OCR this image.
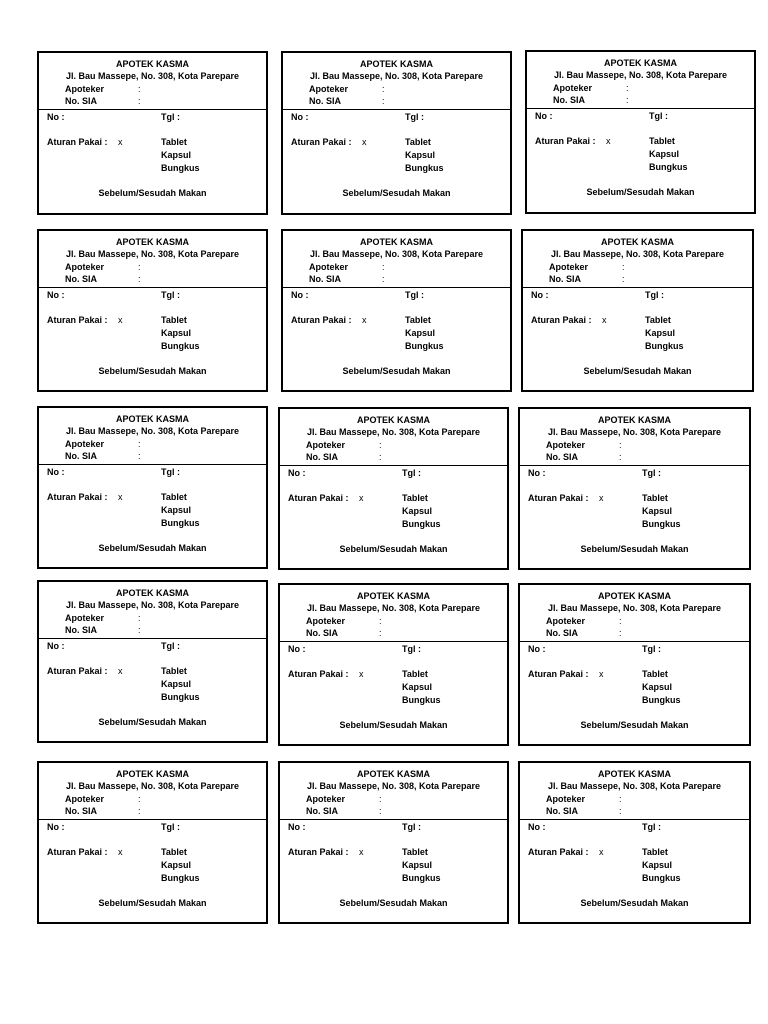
APOTEK KASMA
Jl. Bau Massepe, No. 308, Kota Parepare
Apoteker	:
No. SIA	:
No :	Tgl :
Aturan Pakai : x	Tablet
Kapsul
Bungkus
Sebelum/Sesudah Makan
APOTEK KASMA
Jl. Bau Massepe, No. 308, Kota Parepare
Apoteker	:
No. SIA	:
No :	Tgl :
Aturan Pakai : x	Tablet
Kapsul
Bungkus
Sebelum/Sesudah Makan
APOTEK KASMA
Jl. Bau Massepe, No. 308, Kota Parepare
Apoteker	:
No. SIA	:
No :	Tgl :
Aturan Pakai : x	Tablet
Kapsul
Bungkus
Sebelum/Sesudah Makan
APOTEK KASMA
Jl. Bau Massepe, No. 308, Kota Parepare
Apoteker	:
No. SIA	:
No :	Tgl :
Aturan Pakai : x	Tablet
Kapsul
Bungkus
Sebelum/Sesudah Makan
APOTEK KASMA
Jl. Bau Massepe, No. 308, Kota Parepare
Apoteker	:
No. SIA	:
No :	Tgl :
Aturan Pakai : x	Tablet
Kapsul
Bungkus
Sebelum/Sesudah Makan
APOTEK KASMA
Jl. Bau Massepe, No. 308, Kota Parepare
Apoteker	:
No. SIA	:
No :	Tgl :
Aturan Pakai : x	Tablet
Kapsul
Bungkus
Sebelum/Sesudah Makan
APOTEK KASMA
Jl. Bau Massepe, No. 308, Kota Parepare
Apoteker	:
No. SIA	:
No :	Tgl :
Aturan Pakai : x	Tablet
Kapsul
Bungkus
Sebelum/Sesudah Makan
APOTEK KASMA
Jl. Bau Massepe, No. 308, Kota Parepare
Apoteker	:
No. SIA	:
No :	Tgl :
Aturan Pakai : x	Tablet
Kapsul
Bungkus
Sebelum/Sesudah Makan
APOTEK KASMA
Jl. Bau Massepe, No. 308, Kota Parepare
Apoteker	:
No. SIA	:
No :	Tgl :
Aturan Pakai : x	Tablet
Kapsul
Bungkus
Sebelum/Sesudah Makan
APOTEK KASMA
Jl. Bau Massepe, No. 308, Kota Parepare
Apoteker	:
No. SIA	:
No :	Tgl :
Aturan Pakai : x	Tablet
Kapsul
Bungkus
Sebelum/Sesudah Makan
APOTEK KASMA
Jl. Bau Massepe, No. 308, Kota Parepare
Apoteker	:
No. SIA	:
No :	Tgl :
Aturan Pakai : x	Tablet
Kapsul
Bungkus
Sebelum/Sesudah Makan
APOTEK KASMA
Jl. Bau Massepe, No. 308, Kota Parepare
Apoteker	:
No. SIA	:
No :	Tgl :
Aturan Pakai : x	Tablet
Kapsul
Bungkus
Sebelum/Sesudah Makan
APOTEK KASMA
Jl. Bau Massepe, No. 308, Kota Parepare
Apoteker	:
No. SIA	:
No :	Tgl :
Aturan Pakai : x	Tablet
Kapsul
Bungkus
Sebelum/Sesudah Makan
APOTEK KASMA
Jl. Bau Massepe, No. 308, Kota Parepare
Apoteker	:
No. SIA	:
No :	Tgl :
Aturan Pakai : x	Tablet
Kapsul
Bungkus
Sebelum/Sesudah Makan
APOTEK KASMA
Jl. Bau Massepe, No. 308, Kota Parepare
Apoteker	:
No. SIA	:
No :	Tgl :
Aturan Pakai : x	Tablet
Kapsul
Bungkus
Sebelum/Sesudah Makan
